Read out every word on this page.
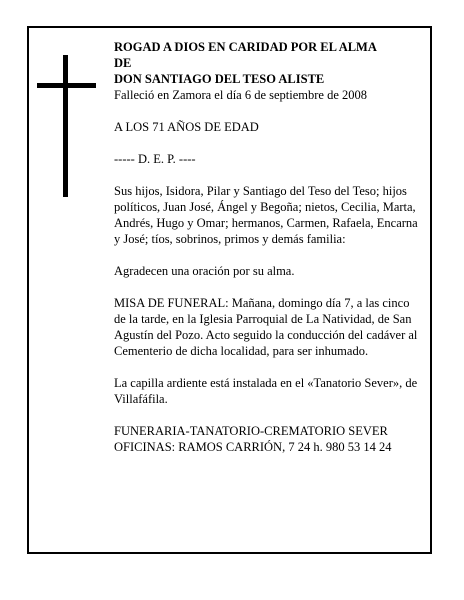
ROGAD A DIOS EN CARIDAD POR EL ALMA

DE

DON SANTIAGO DEL TESO ALISTE

Falleció en Zamora el día 6 de septiembre de 2008

A LOS 71 AÑOS DE EDAD

----- D. E. P. ----

Sus hijos, Isidora, Pilar y Santiago del Teso del Teso; hijos políticos, Juan José, Ángel y Begoña; nietos, Cecilia, Marta, Andrés, Hugo y Omar; hermanos, Carmen, Rafaela, Encarna y José; tíos, sobrinos, primos y demás familia:

Agradecen una oración por su alma.

MISA DE FUNERAL: Mañana, domingo día 7, a las cinco de la tarde, en la Iglesia Parroquial de La Natividad, de San Agustín del Pozo. Acto seguido la conducción del cadáver al Cementerio de dicha localidad, para ser inhumado.

La capilla ardiente está instalada en el «Tanatorio Sever», de Villafáfila.

FUNERARIA-TANATORIO-CREMATORIO SEVER

OFICINAS: RAMOS CARRIÓN, 7 24 h. 980 53 14 24
